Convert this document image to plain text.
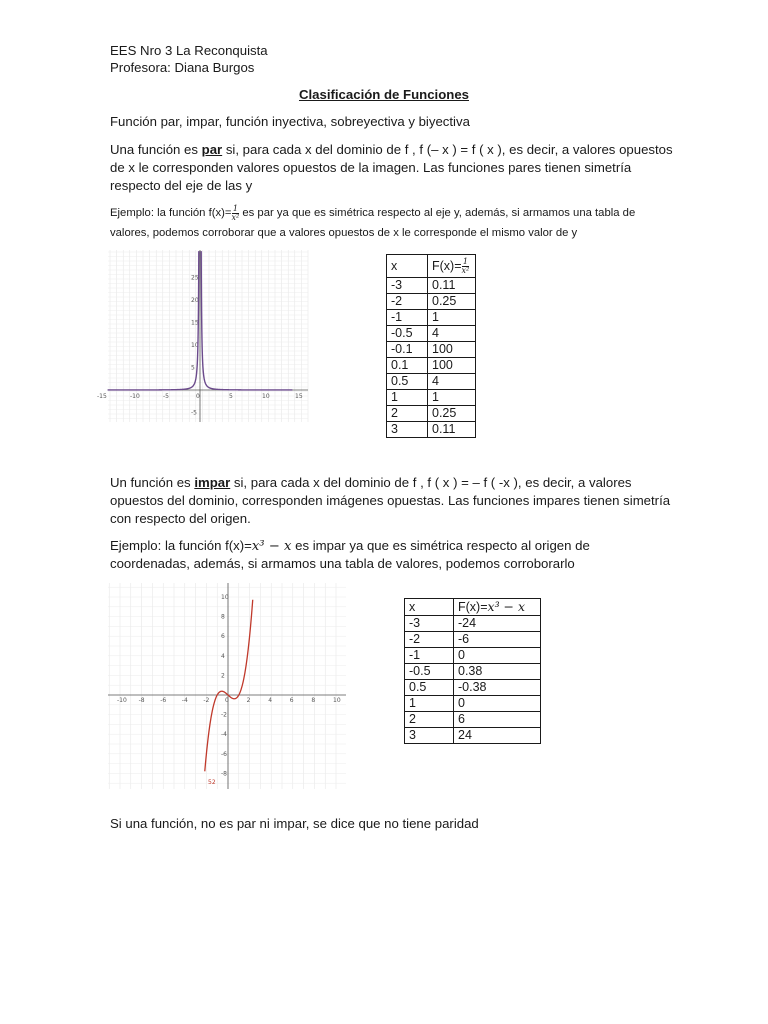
EES Nro 3 La Reconquista
Profesora: Diana Burgos
Clasificación de Funciones
Función par, impar, función inyectiva, sobreyectiva y biyectiva
Una función es par si, para cada x del dominio de f , f (– x ) = f ( x ), es decir, a valores opuestos
de x le corresponden valores opuestos de la imagen. Las funciones pares tienen simetría
respecto del eje de las y
Ejemplo: la función $f(x)= \frac{1}{\text{x²}}$ es par ya que es simétrica respecto al eje y, además, si armamos una tabla de
valores, podemos corroborar que a valores opuestos de x le corresponde el mismo valor de y
-15	-10	-5	0	5	10	15
25
20
15
10
5
-5
x	$F(x)= \frac{1}{\text{x²}}$

-3	0.11
-2	0.25
-1	1
-0.5	4
-0.1	100
0.1	100
0.5	4
1	1
2	0.25
3	0.11
Un función es impar si, para cada x del dominio de f , f ( x ) = – f ( -x ), es decir, a valores
opuestos del dominio, corresponden imágenes opuestas. Las funciones impares tienen simetría
con respecto del origen.
Ejemplo: la función f(x)=x³ − x es impar ya que es simétrica respecto al origen de
coordenadas, además, si armamos una tabla de valores, podemos corroborarlo
-10 -8	-6	-4	-2	0	2	4	6	8	10
10
8
6
4
2
-2
-4
-6
-8
52
x	F(x)=x³ − x
-3	-24
-2	-6
-1	0
-0.5	0.38
0.5	-0.38
1	0
2	6
3	24
Si una función, no es par ni impar, se dice que no tiene paridad
